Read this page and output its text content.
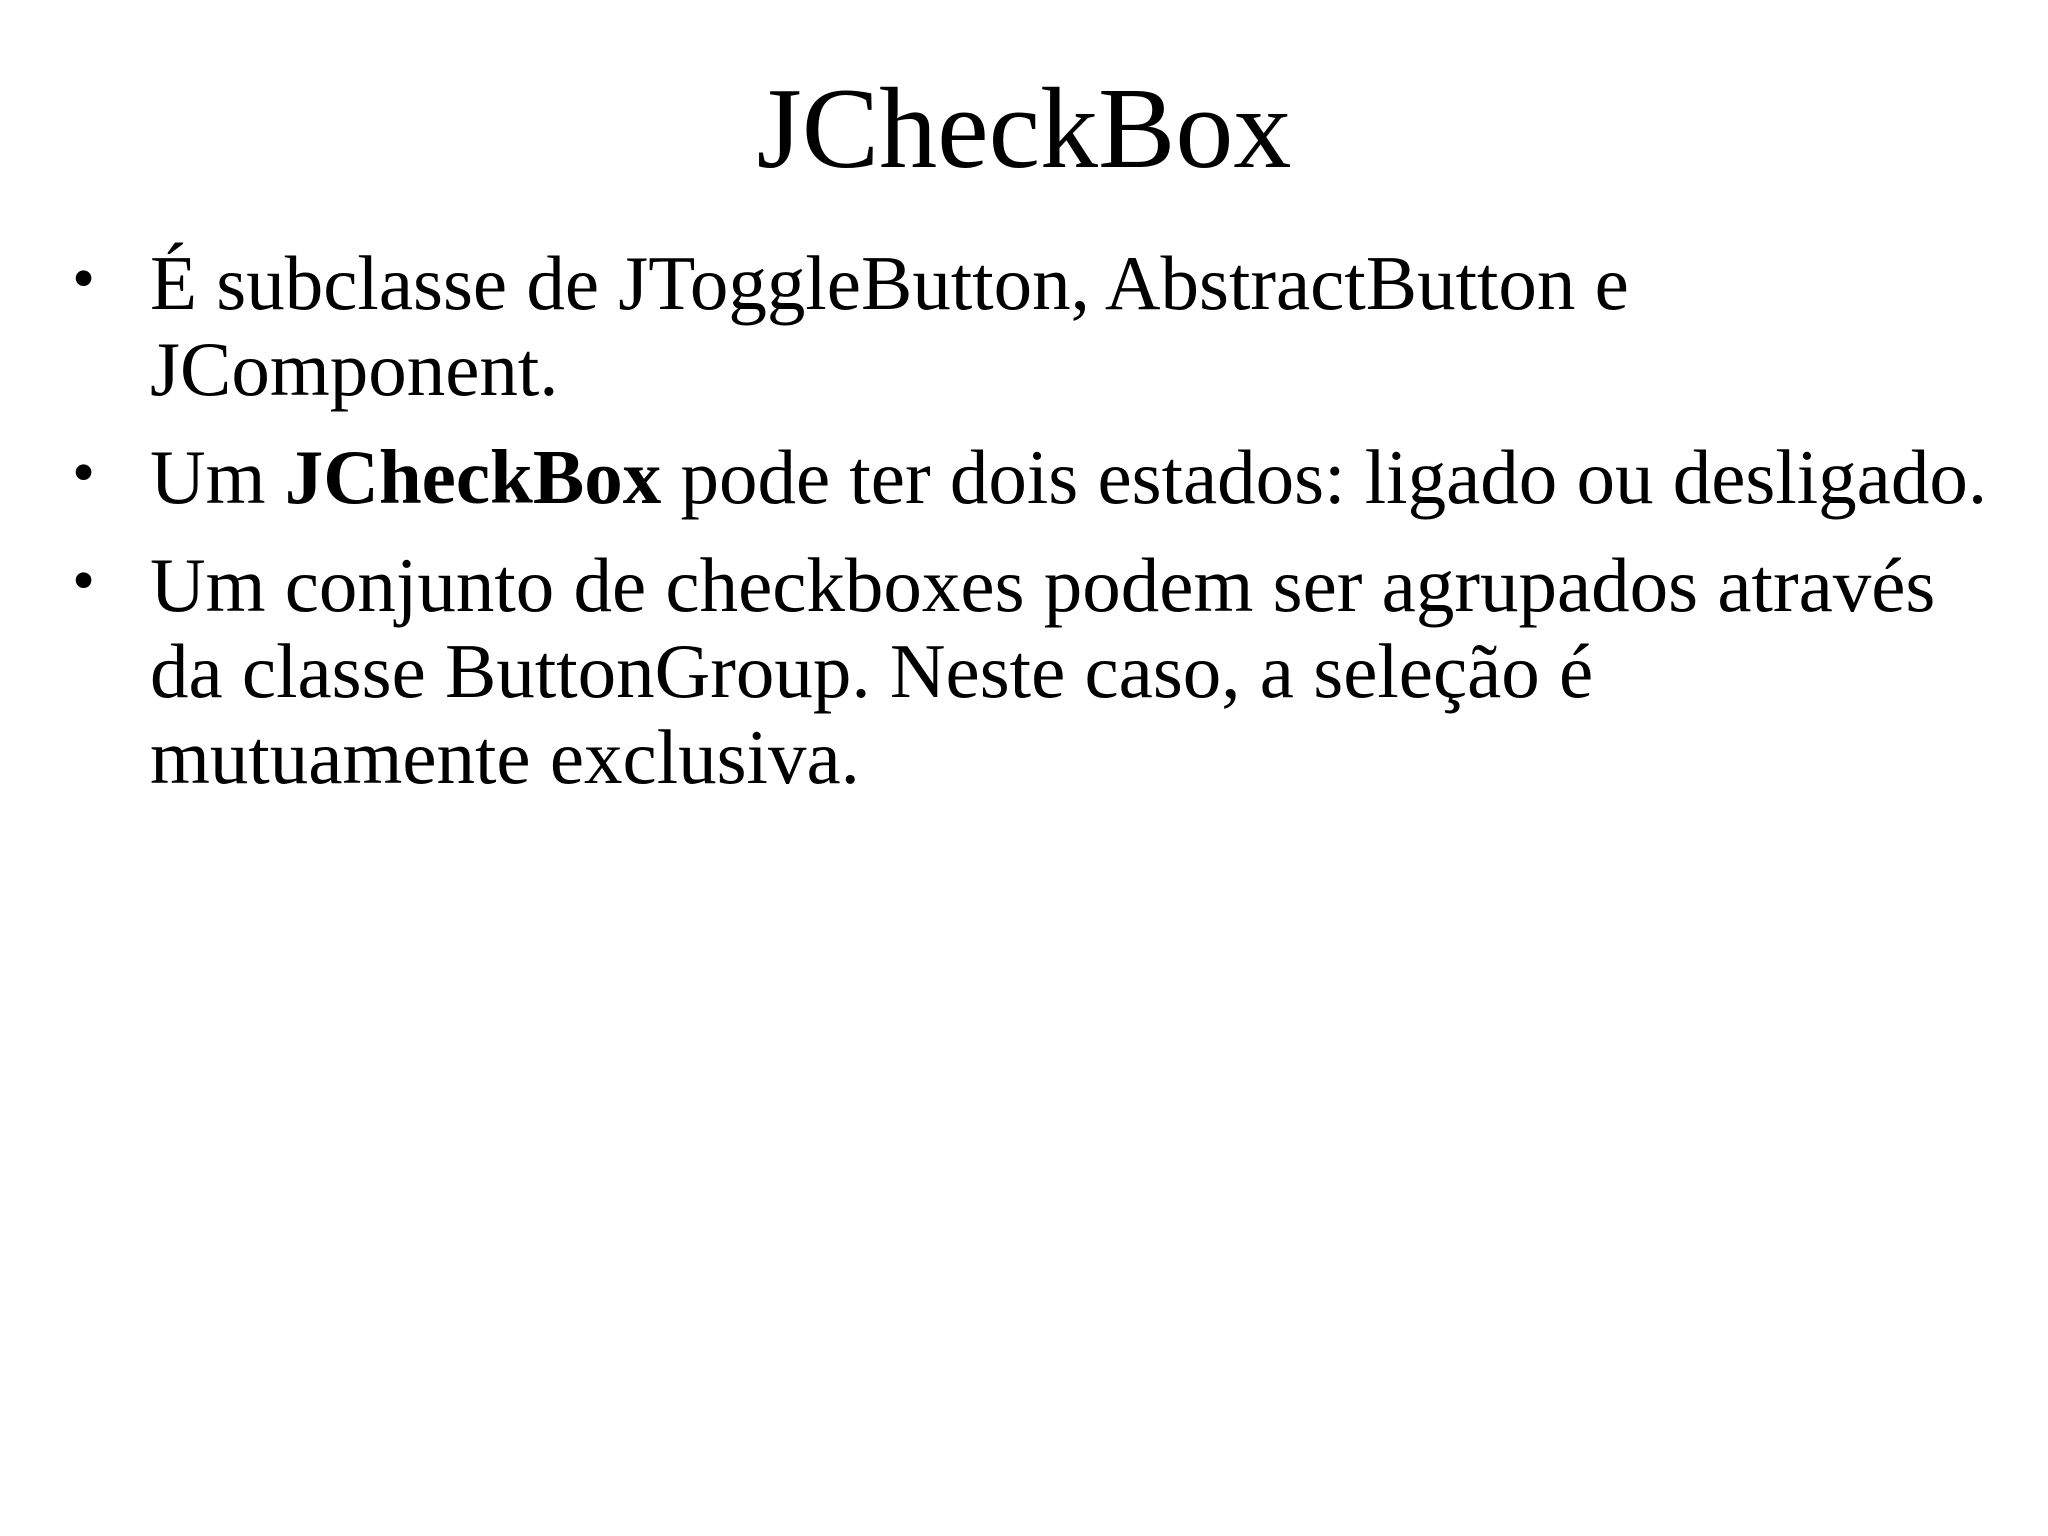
JCheckBox
• É subclasse de JToggleButton, AbstractButton e JComponent.
• Um JCheckBox pode ter dois estados: ligado ou desligado.
• Um conjunto de checkboxes podem ser agrupados através da classe ButtonGroup. Neste caso, a seleção é mutuamente exclusiva.
